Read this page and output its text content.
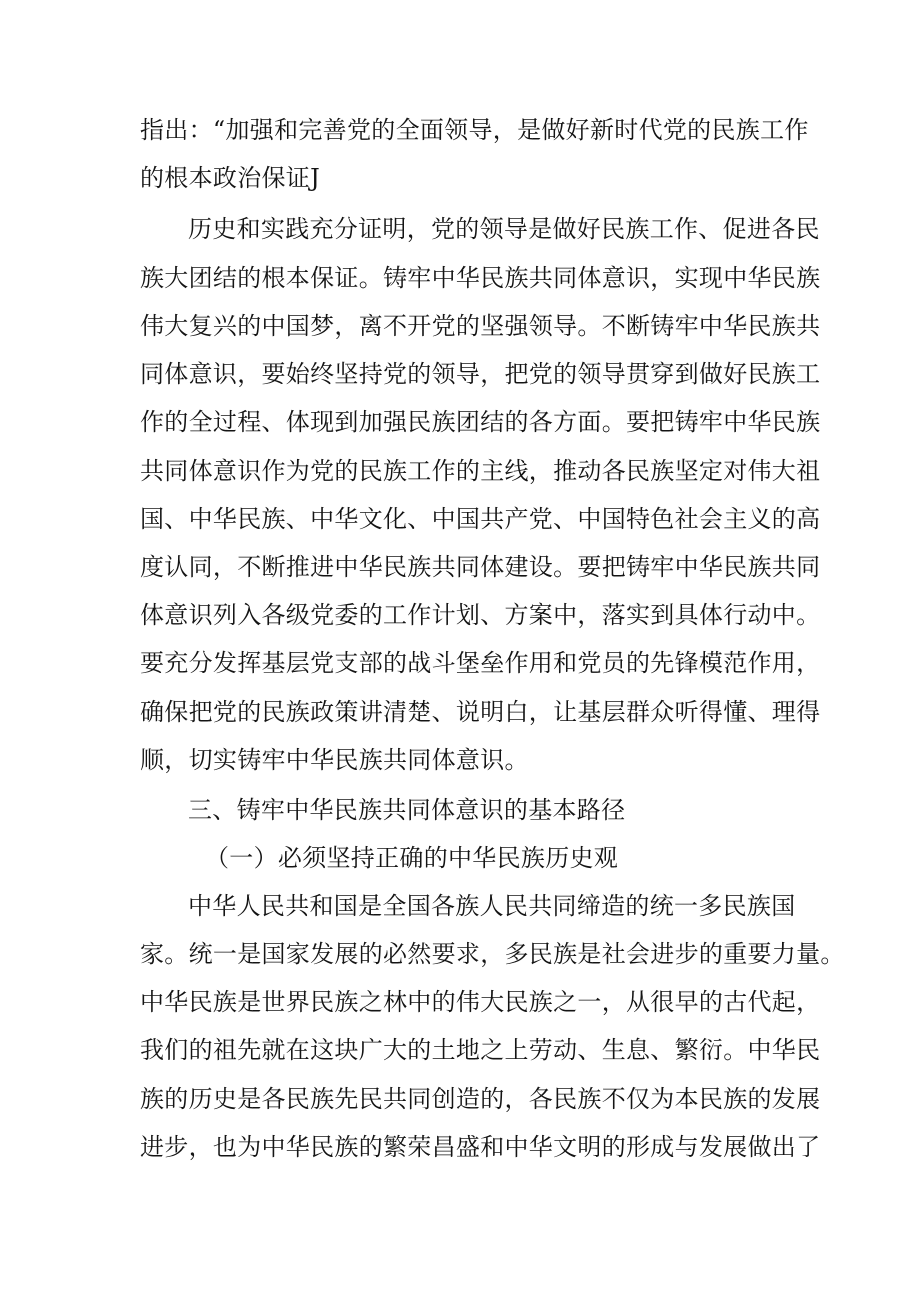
指出：“加强和完善党的全面领导，是做好新时代党的民族工作
的根本政治保证J
历史和实践充分证明，党的领导是做好民族工作、促进各民
族大团结的根本保证。铸牢中华民族共同体意识，实现中华民族
伟大复兴的中国梦，离不开党的坚强领导。不断铸牢中华民族共
同体意识，要始终坚持党的领导，把党的领导贯穿到做好民族工
作的全过程、体现到加强民族团结的各方面。要把铸牢中华民族
共同体意识作为党的民族工作的主线，推动各民族坚定对伟大祖
国、中华民族、中华文化、中国共产党、中国特色社会主义的高
度认同，不断推进中华民族共同体建设。要把铸牢中华民族共同
体意识列入各级党委的工作计划、方案中，落实到具体行动中。
要充分发挥基层党支部的战斗堡垒作用和党员的先锋模范作用，
确保把党的民族政策讲清楚、说明白，让基层群众听得懂、理得
顺，切实铸牢中华民族共同体意识。
三、铸牢中华民族共同体意识的基本路径
（一）必须坚持正确的中华民族历史观
中华人民共和国是全国各族人民共同缔造的统一多民族国
家。统一是国家发展的必然要求，多民族是社会进步的重要力量。
中华民族是世界民族之林中的伟大民族之一，从很早的古代起，
我们的祖先就在这块广大的土地之上劳动、生息、繁衍。中华民
族的历史是各民族先民共同创造的，各民族不仅为本民族的发展
进步，也为中华民族的繁荣昌盛和中华文明的形成与发展做出了
